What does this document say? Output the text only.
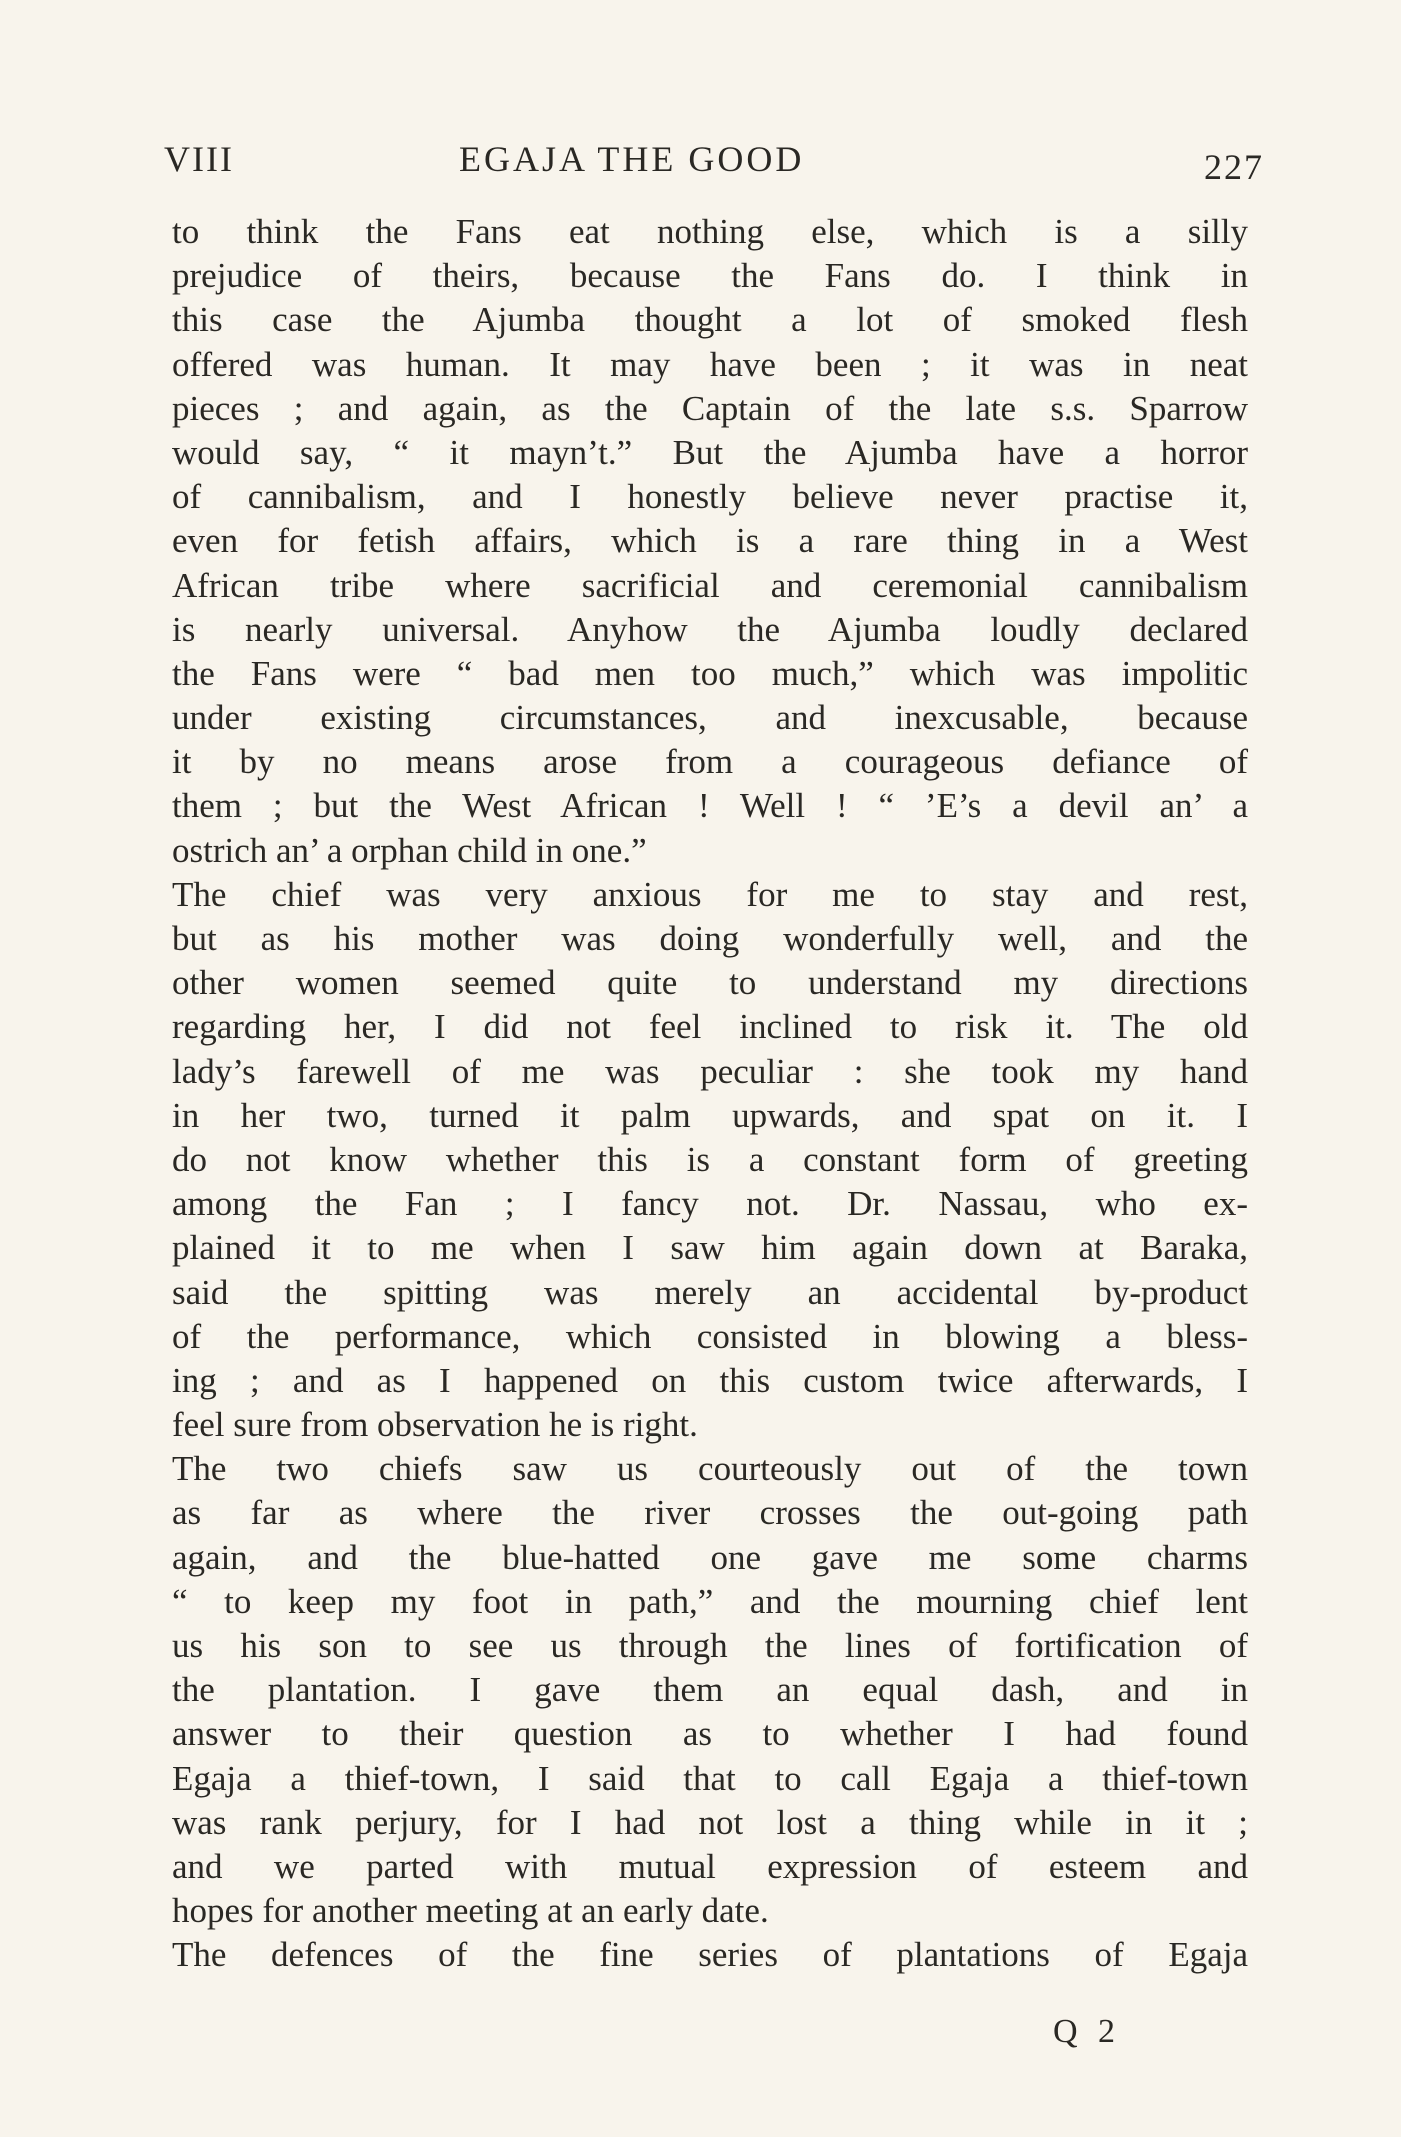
VIII	EGAJA THE GOOD	227
to think the Fans eat nothing else, which is a silly
prejudice of theirs, because the Fans do. I think in
this case the Ajumba thought a lot of smoked flesh
offered was human. It may have been ; it was in neat
pieces ; and again, as the Captain of the late s.s. Sparrow
would say, “ it mayn’t.” But the Ajumba have a horror
of cannibalism, and I honestly believe never practise it,
even for fetish affairs, which is a rare thing in a West
African tribe where sacrificial and ceremonial cannibalism
is nearly universal. Anyhow the Ajumba loudly declared
the Fans were “ bad men too much,” which was impolitic
under existing circumstances, and inexcusable, because
it by no means arose from a courageous defiance of
them ; but the West African ! Well ! “ ’E’s a devil an’ a
ostrich an’ a orphan child in one.”
The chief was very anxious for me to stay and rest,
but as his mother was doing wonderfully well, and the
other women seemed quite to understand my directions
regarding her, I did not feel inclined to risk it. The old
lady’s farewell of me was peculiar : she took my hand
in her two, turned it palm upwards, and spat on it. I
do not know whether this is a constant form of greeting
among the Fan ; I fancy not. Dr. Nassau, who ex-
plained it to me when I saw him again down at Baraka,
said the spitting was merely an accidental by-product
of the performance, which consisted in blowing a bless-
ing ; and as I happened on this custom twice afterwards, I
feel sure from observation he is right.
The two chiefs saw us courteously out of the town
as far as where the river crosses the out-going path
again, and the blue-hatted one gave me some charms
“ to keep my foot in path,” and the mourning chief lent
us his son to see us through the lines of fortification of
the plantation. I gave them an equal dash, and in
answer to their question as to whether I had found
Egaja a thief-town, I said that to call Egaja a thief-town
was rank perjury, for I had not lost a thing while in it ;
and we parted with mutual expression of esteem and
hopes for another meeting at an early date.
The defences of the fine series of plantations of Egaja
Q 2
